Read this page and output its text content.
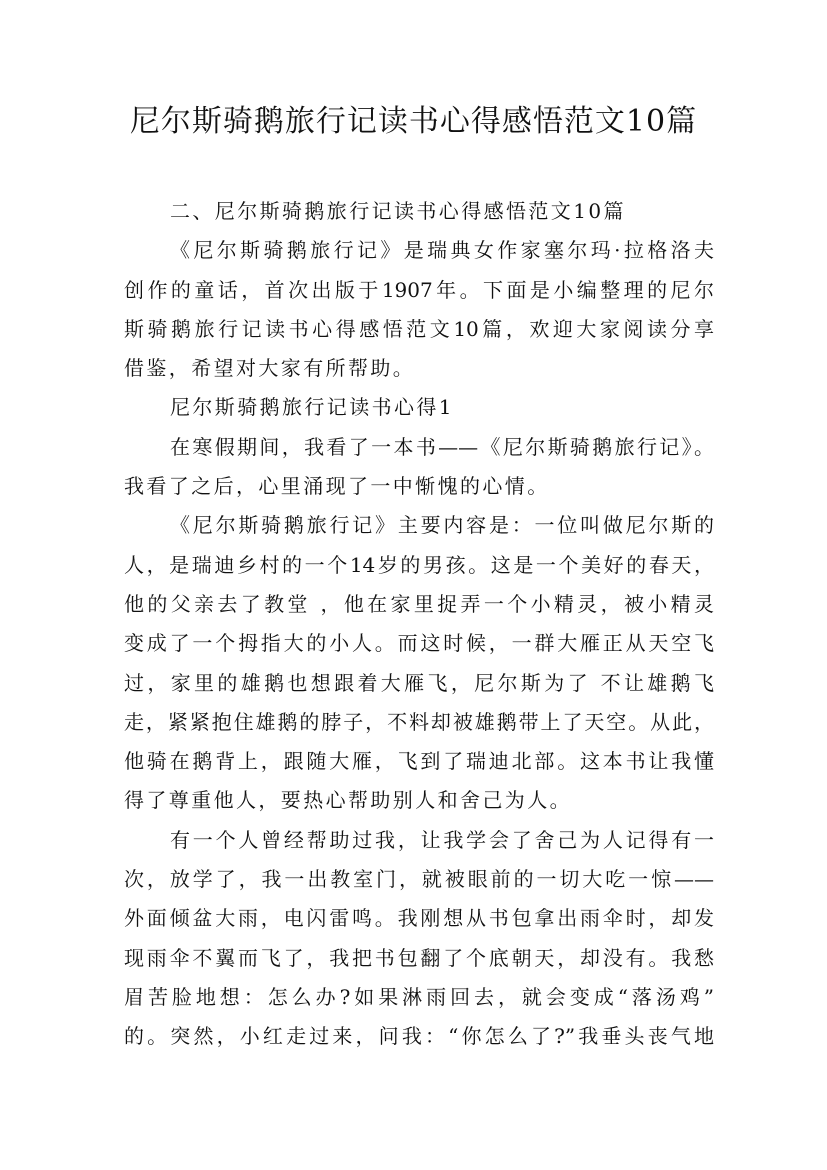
尼尔斯骑鹅旅行记读书心得感悟范文10篇
二、尼尔斯骑鹅旅行记读书心得感悟范文10篇
《尼尔斯骑鹅旅行记》是瑞典女作家塞尔玛·拉格洛夫
创作的童话，首次出版于1907年。下面是小编整理的尼尔
斯骑鹅旅行记读书心得感悟范文10篇，欢迎大家阅读分享
借鉴，希望对大家有所帮助。
尼尔斯骑鹅旅行记读书心得1
在寒假期间，我看了一本书——《尼尔斯骑鹅旅行记》。
我看了之后，心里涌现了一中惭愧的心情。
《尼尔斯骑鹅旅行记》主要内容是：一位叫做尼尔斯的
人，是瑞迪乡村的一个14岁的男孩。这是一个美好的春天，
他的父亲去了教堂 ，他在家里捉弄一个小精灵，被小精灵
变成了一个拇指大的小人。而这时候，一群大雁正从天空飞
过，家里的雄鹅也想跟着大雁飞，尼尔斯为了 不让雄鹅飞
走，紧紧抱住雄鹅的脖子，不料却被雄鹅带上了天空。从此，
他骑在鹅背上，跟随大雁，飞到了瑞迪北部。这本书让我懂
得了尊重他人，要热心帮助别人和舍己为人。
有一个人曾经帮助过我，让我学会了舍己为人记得有一
次，放学了，我一出教室门，就被眼前的一切大吃一惊——
外面倾盆大雨，电闪雷鸣。我刚想从书包拿出雨伞时，却发
现雨伞不翼而飞了，我把书包翻了个底朝天，却没有。我愁
眉苦脸地想：怎么办?如果淋雨回去，就会变成“落汤鸡”
的。突然，小红走过来，问我：“你怎么了?”我垂头丧气地
